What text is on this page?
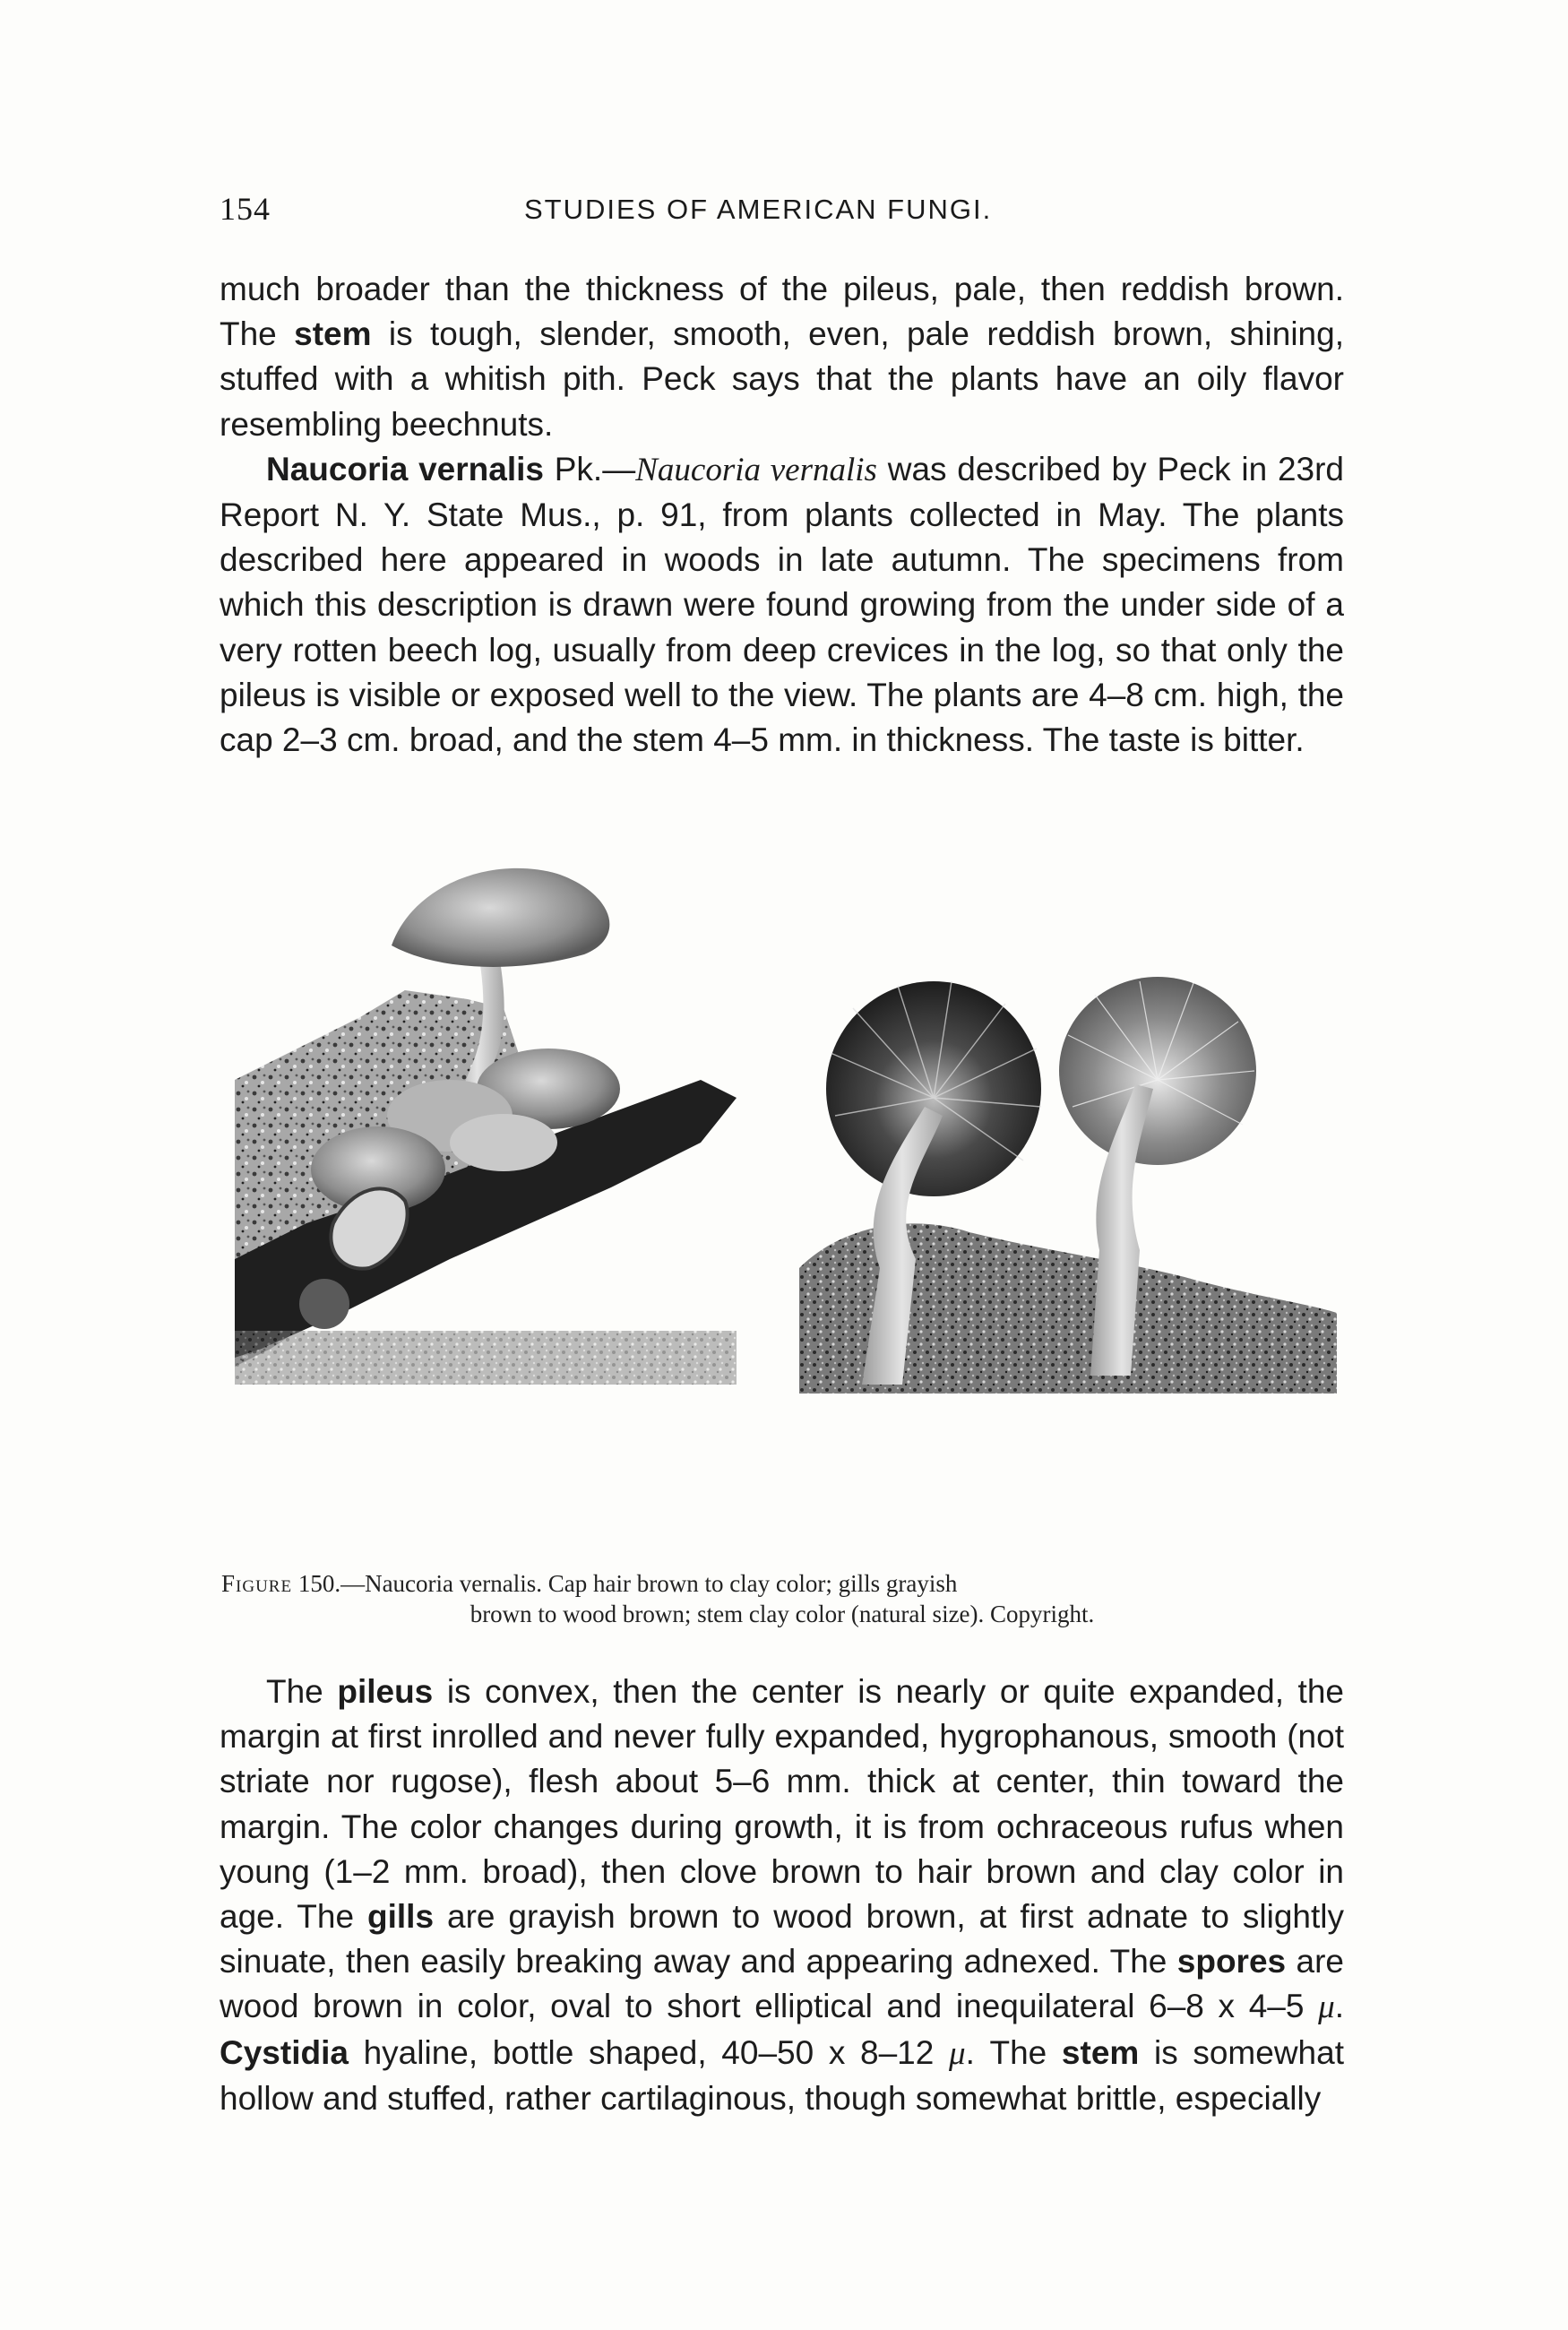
154	STUDIES OF AMERICAN FUNGI.

much broader than the thickness of the pileus, pale, then reddish brown. The stem is tough, slender, smooth, even, pale reddish brown, shining, stuffed with a whitish pith. Peck says that the plants have an oily flavor resembling beechnuts.

Naucoria vernalis Pk.—Naucoria vernalis was described by Peck in 23rd Report N. Y. State Mus., p. 91, from plants collected in May. The plants described here appeared in woods in late autumn. The specimens from which this description is drawn were found growing from the under side of a very rotten beech log, usually from deep crevices in the log, so that only the pileus is visible or exposed well to the view. The plants are 4–8 cm. high, the cap 2–3 cm. broad, and the stem 4–5 mm. in thickness. The taste is bitter.

Figure 150.—Naucoria vernalis. Cap hair brown to clay color; gills grayish
brown to wood brown; stem clay color (natural size). Copyright.

The pileus is convex, then the center is nearly or quite expanded, the margin at first inrolled and never fully expanded, hygrophanous, smooth (not striate nor rugose), flesh about 5–6 mm. thick at center, thin toward the margin. The color changes during growth, it is from ochraceous rufus when young (1–2 mm. broad), then clove brown to hair brown and clay color in age. The gills are grayish brown to wood brown, at first adnate to slightly sinuate, then easily breaking away and appearing adnexed. The spores are wood brown in color, oval to short elliptical and inequilateral 6–8 x 4–5 μ. Cystidia hyaline, bottle shaped, 40–50 x 8–12 μ. The stem is somewhat hollow and stuffed, rather cartilaginous, though somewhat brittle, especially
